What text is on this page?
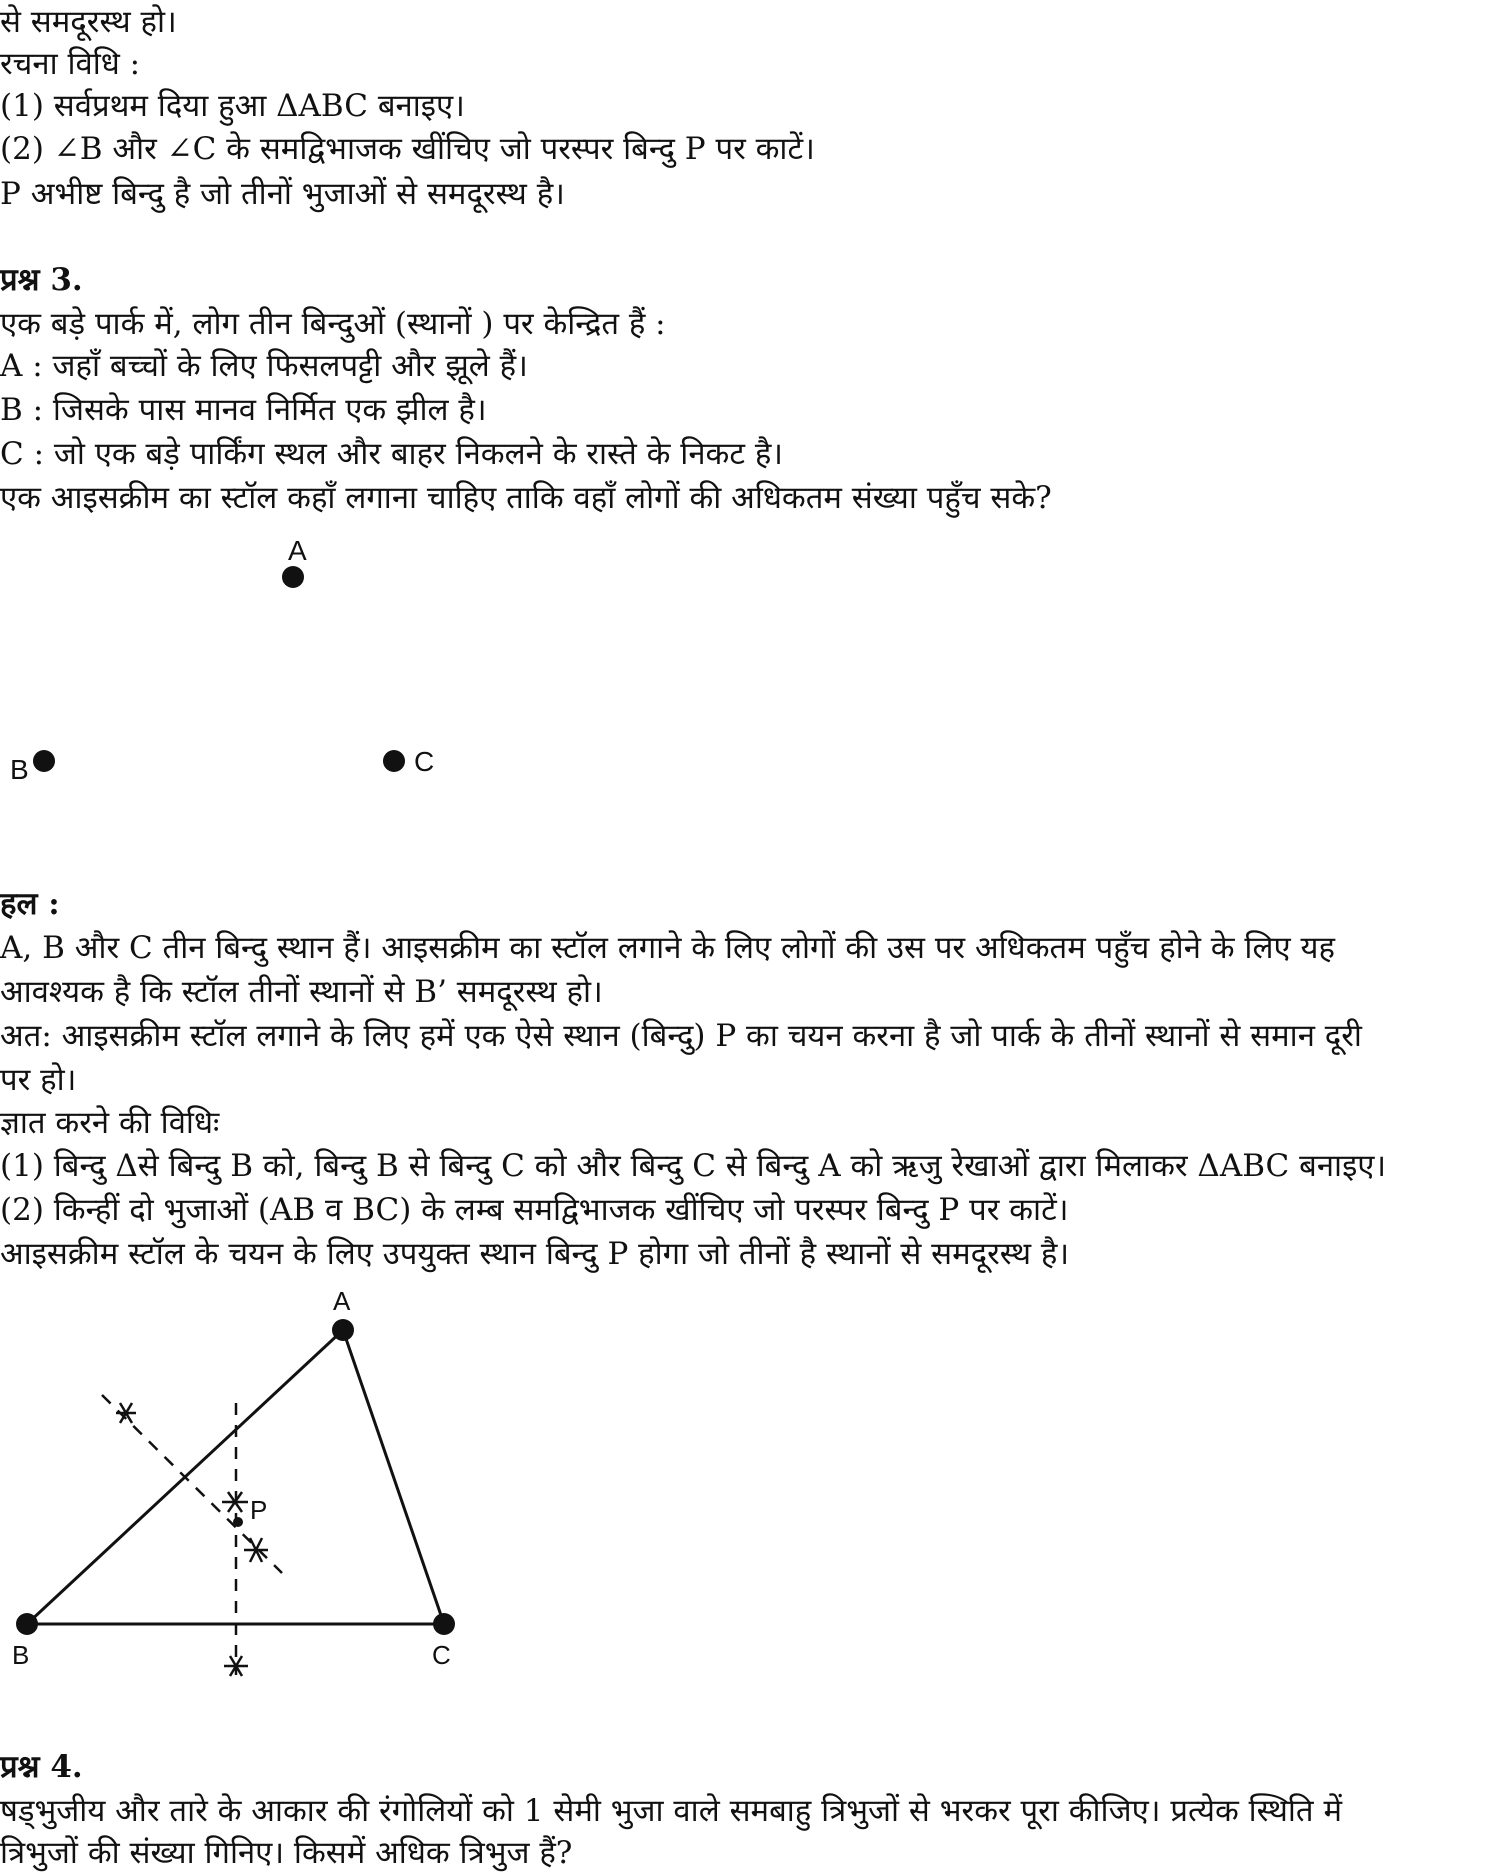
से समदूरस्थ हो।

रचना विधि :

(1) सर्वप्रथम दिया हुआ ΔABC बनाइए।

(2) ∠B और ∠C के समद्विभाजक खींचिए जो परस्पर बिन्दु P पर काटें।

P अभीष्ट बिन्दु है जो तीनों भुजाओं से समदूरस्थ है।

प्रश्न 3.

एक बड़े पार्क में, लोग तीन बिन्दुओं (स्थानों ) पर केन्द्रित हैं :

A : जहाँ बच्चों के लिए फिसलपट्टी और झूले हैं।

B : जिसके पास मानव निर्मित एक झील है।

C : जो एक बड़े पार्किंग स्थल और बाहर निकलने के रास्ते के निकट है।

एक आइसक्रीम का स्टॉल कहाँ लगाना चाहिए ताकि वहाँ लोगों की अधिकतम संख्या पहुँच सके?

A
B	C

हल :

A, B और C तीन बिन्दु स्थान हैं। आइसक्रीम का स्टॉल लगाने के लिए लोगों की उस पर अधिकतम पहुँच होने के लिए यह

आवश्यक है कि स्टॉल तीनों स्थानों से B’ समदूरस्थ हो।

अत: आइसक्रीम स्टॉल लगाने के लिए हमें एक ऐसे स्थान (बिन्दु) P का चयन करना है जो पार्क के तीनों स्थानों से समान दूरी

पर हो।

ज्ञात करने की विधिः

(1) बिन्दु Δसे बिन्दु B को, बिन्दु B से बिन्दु C को और बिन्दु C से बिन्दु A को ऋजु रेखाओं द्वारा मिलाकर ΔABC बनाइए।

(2) किन्हीं दो भुजाओं (AB व BC) के लम्ब समद्विभाजक खींचिए जो परस्पर बिन्दु P पर काटें।

आइसक्रीम स्टॉल के चयन के लिए उपयुक्त स्थान बिन्दु P होगा जो तीनों है स्थानों से समदूरस्थ है।

A
B	C
P

प्रश्न 4.

षड्भुजीय और तारे के आकार की रंगोलियों को 1 सेमी भुजा वाले समबाहु त्रिभुजों से भरकर पूरा कीजिए। प्रत्येक स्थिति में

त्रिभुजों की संख्या गिनिए। किसमें अधिक त्रिभुज हैं?
